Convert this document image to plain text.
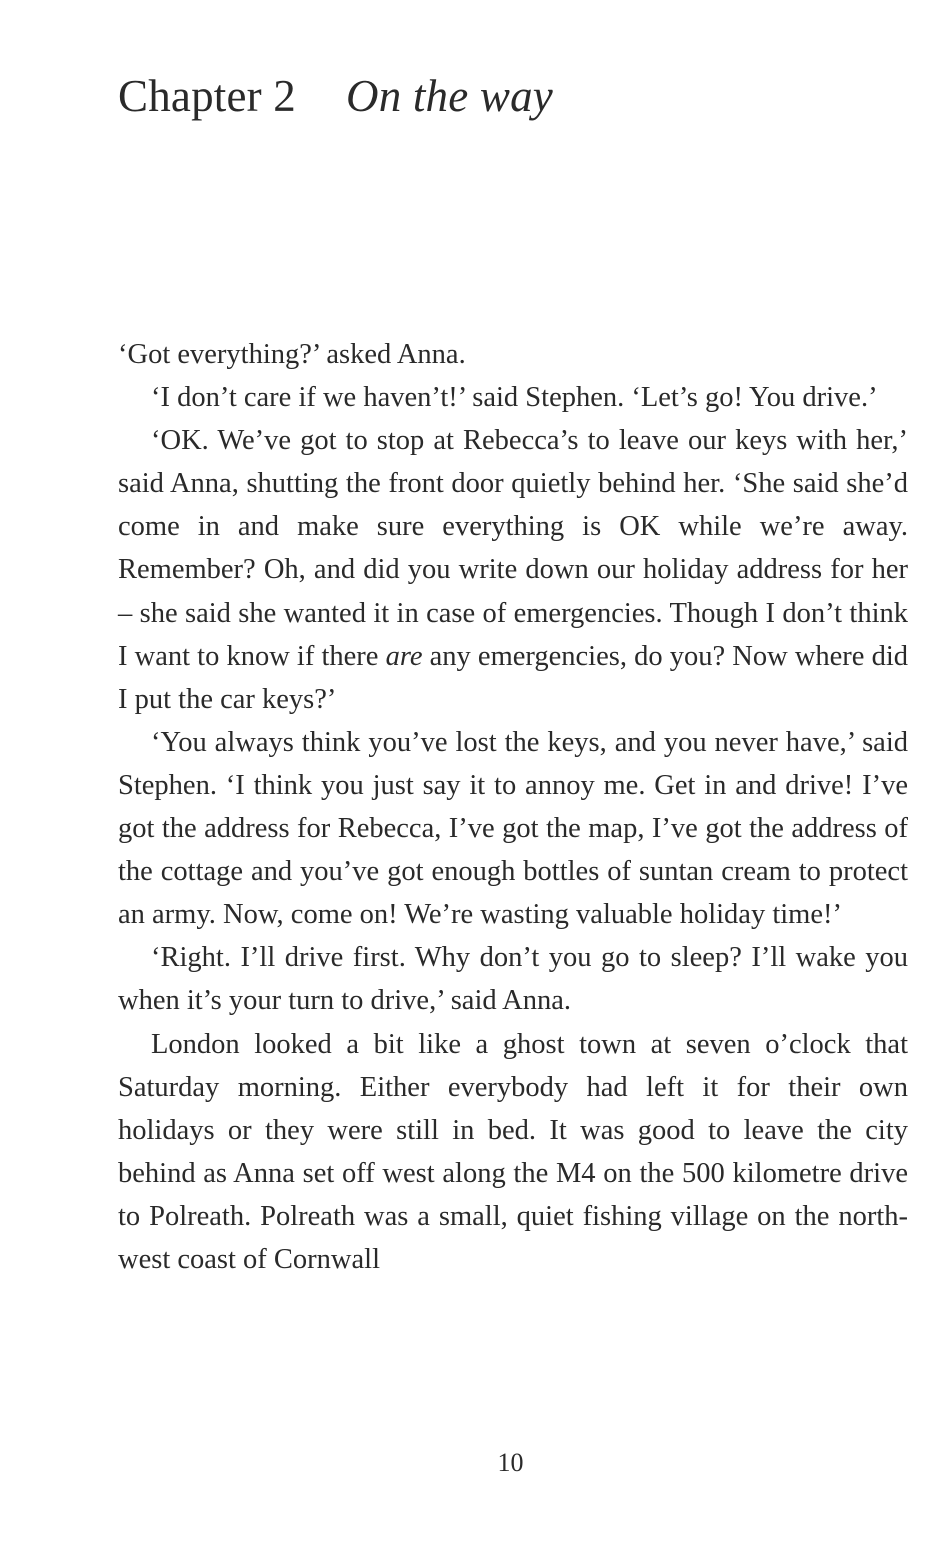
Chapter 2 On the way

‘Got everything?’ asked Anna.

‘I don’t care if we haven’t!’ said Stephen. ‘Let’s go! You drive.’

‘OK. We’ve got to stop at Rebecca’s to leave our keys with her,’ said Anna, shutting the front door quietly behind her. ‘She said she’d come in and make sure everything is OK while we’re away. Remember? Oh, and did you write down our holiday address for her – she said she wanted it in case of emergencies. Though I don’t think I want to know if there are any emergencies, do you? Now where did I put the car keys?’

‘You always think you’ve lost the keys, and you never have,’ said Stephen. ‘I think you just say it to annoy me. Get in and drive! I’ve got the address for Rebecca, I’ve got the map, I’ve got the address of the cottage and you’ve got enough bottles of suntan cream to protect an army. Now, come on! We’re wasting valuable holiday time!’

‘Right. I’ll drive first. Why don’t you go to sleep? I’ll wake you when it’s your turn to drive,’ said Anna.

London looked a bit like a ghost town at seven o’clock that Saturday morning. Either everybody had left it for their own holidays or they were still in bed. It was good to leave the city behind as Anna set off west along the M4 on the 500 kilometre drive to Polreath. Polreath was a small, quiet fishing village on the north-west coast of Cornwall

10
